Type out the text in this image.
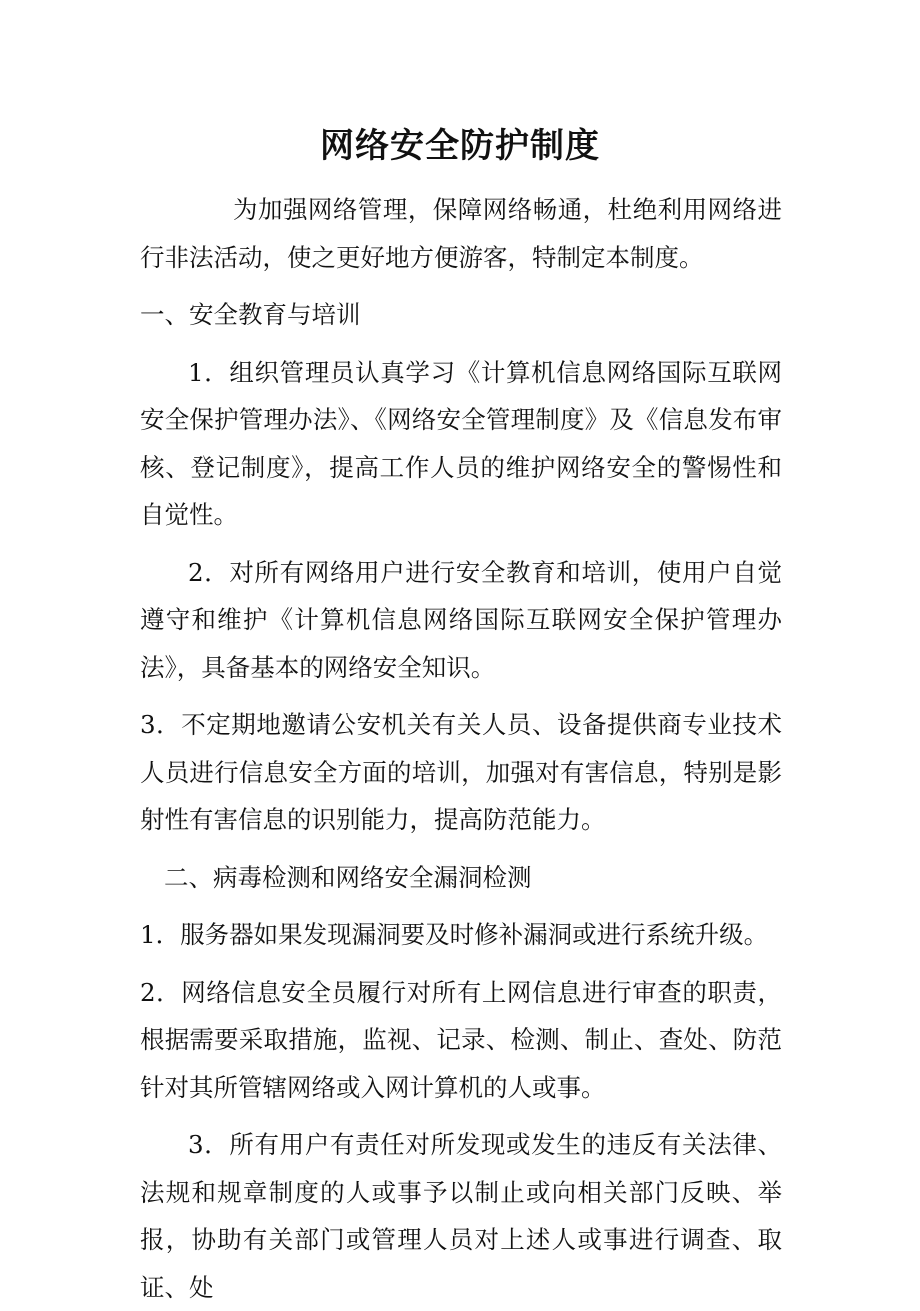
网络安全防护制度

为加强网络管理，保障网络畅通，杜绝利用网络进行非法活动，使之更好地方便游客，特制定本制度。

一、安全教育与培训

1．组织管理员认真学习《计算机信息网络国际互联网安全保护管理办法》、《网络安全管理制度》及《信息发布审核、登记制度》，提高工作人员的维护网络安全的警惕性和自觉性。

2．对所有网络用户进行安全教育和培训，使用户自觉遵守和维护《计算机信息网络国际互联网安全保护管理办法》，具备基本的网络安全知识。

3．不定期地邀请公安机关有关人员、设备提供商专业技术人员进行信息安全方面的培训，加强对有害信息，特别是影射性有害信息的识别能力，提高防范能力。

二、病毒检测和网络安全漏洞检测

1．服务器如果发现漏洞要及时修补漏洞或进行系统升级。

2．网络信息安全员履行对所有上网信息进行审查的职责，根据需要采取措施，监视、记录、检测、制止、查处、防范针对其所管辖网络或入网计算机的人或事。

3．所有用户有责任对所发现或发生的违反有关法律、法规和规章制度的人或事予以制止或向相关部门反映、举报，协助有关部门或管理人员对上述人或事进行调查、取证、处
